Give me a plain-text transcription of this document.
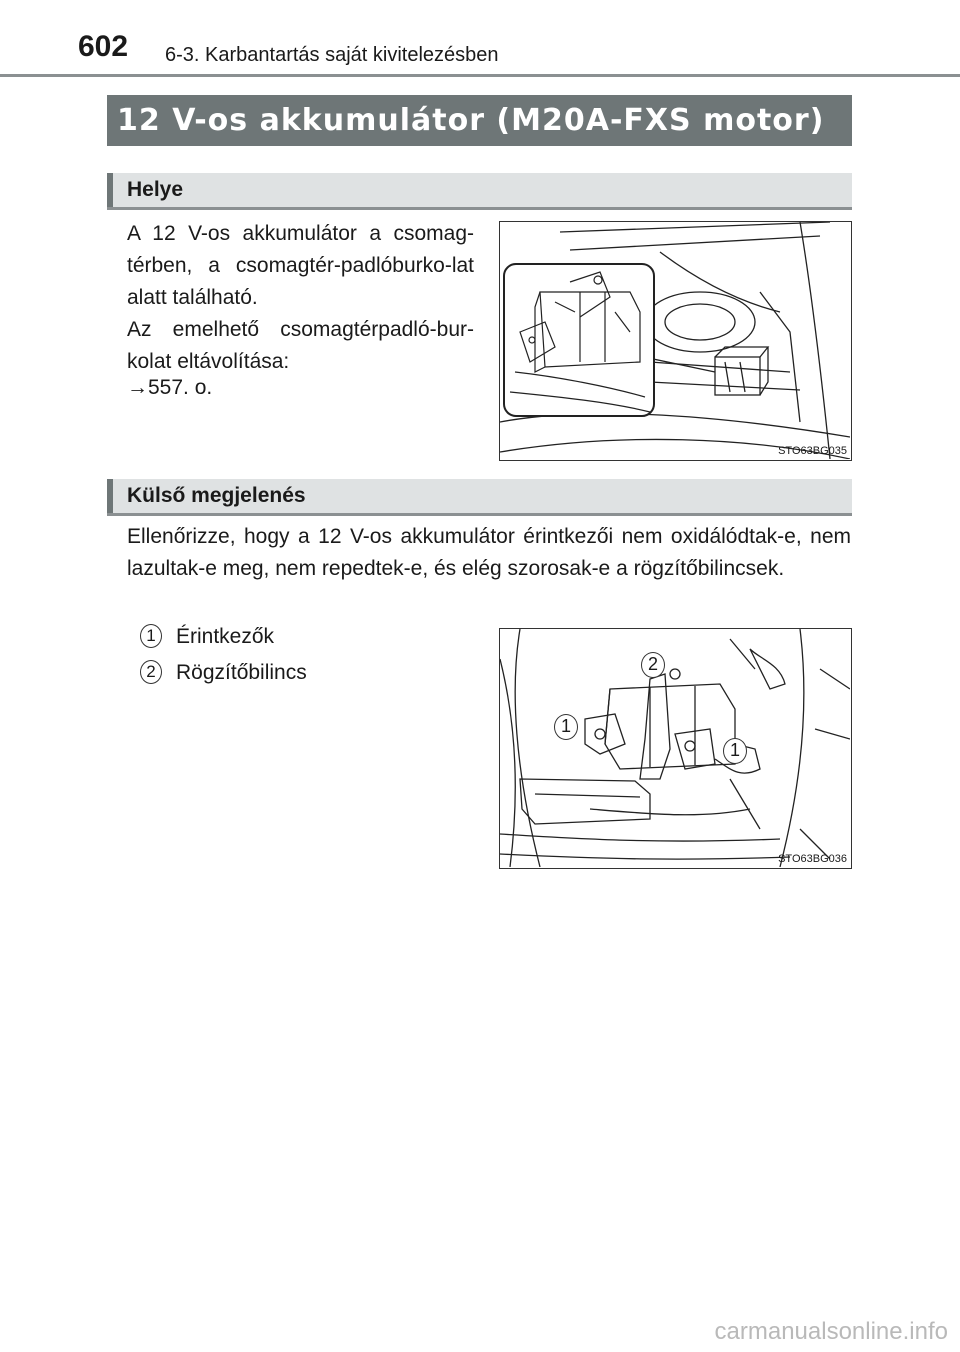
602 6-3. Karbantartás saját kivitelezésben
12 V-os akkumulátor (M20A-FXS motor)
Helye

A 12 V-os akkumulátor a csomag-térben, a csomagtér-padlóburko-lat alatt található.

Az emelhető csomagtérpadló-bur-kolat eltávolítása:

→557. o.

STO63BG035
Külső megjelenés

Ellenőrizze, hogy a 12 V-os akkumulátor érintkezői nem oxidálódtak-e, nem lazultak-e meg, nem repedtek-e, és elég szorosak-e a rögzítőbilincsek.

1 Érintkezők
2 Rögzítőbilincs	2
1
1
STO63BG036
carmanualsonline.info
